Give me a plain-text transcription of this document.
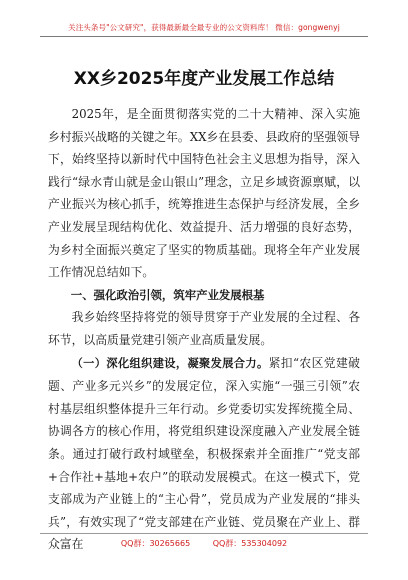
关注头条号"公文研究"，获得最新最全最专业的公文资料库！ 微信：gongwenyj
XX乡2025年度产业发展工作总结

2025年，是全面贯彻落实党的二十大精神、深入实施乡村振兴战略的关键之年。XX乡在县委、县政府的坚强领导下，始终坚持以新时代中国特色社会主义思想为指导，深入践行“绿水青山就是金山银山”理念，立足乡域资源禀赋，以产业振兴为核心抓手，统筹推进生态保护与经济发展，全乡产业发展呈现结构优化、效益提升、活力增强的良好态势，为乡村全面振兴奠定了坚实的物质基础。现将全年产业发展工作情况总结如下。

一、强化政治引领，筑牢产业发展根基

我乡始终坚持将党的领导贯穿于产业发展的全过程、各环节，以高质量党建引领产业高质量发展。

（一）深化组织建设，凝聚发展合力。紧扣“农区党建破题、产业多元兴乡”的发展定位，深入实施“一强三引领”农村基层组织整体提升三年行动。乡党委切实发挥统揽全局、协调各方的核心作用，将党组织建设深度融入产业发展全链条。通过打破行政村域壁垒，积极探索并全面推广“党支部+合作社+基地+农户”的联动发展模式。在这一模式下，党支部成为产业链上的“主心骨”，党员成为产业发展的“排头兵”，有效实现了“党支部建在产业链、党员聚在产业上、群众富在	QQ群：30265665	QQ群：535304092
